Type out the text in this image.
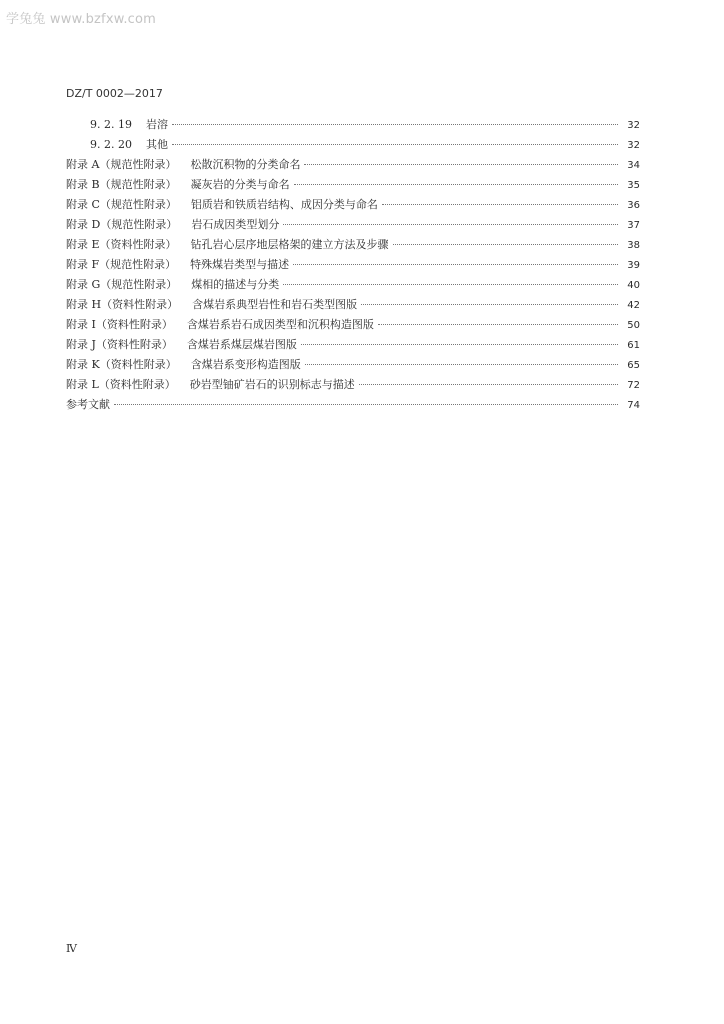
学兔兔 www.bzfxw.com
DZ/T 0002—2017
9. 2. 19 岩溶	32
9. 2. 20 其他	32
附录 A（规范性附录） 松散沉积物的分类命名	34
附录 B（规范性附录） 凝灰岩的分类与命名	35
附录 C（规范性附录） 铝质岩和铁质岩结构、成因分类与命名	36
附录 D（规范性附录） 岩石成因类型划分	37
附录 E（资料性附录） 钻孔岩心层序地层格架的建立方法及步骤	38
附录 F（规范性附录） 特殊煤岩类型与描述	39
附录 G（规范性附录） 煤相的描述与分类	40
附录 H（资料性附录） 含煤岩系典型岩性和岩石类型图版	42
附录 I（资料性附录） 含煤岩系岩石成因类型和沉积构造图版	50
附录 J（资料性附录） 含煤岩系煤层煤岩图版	61
附录 K（资料性附录） 含煤岩系变形构造图版	65
附录 L（资料性附录） 砂岩型铀矿岩石的识别标志与描述	72
参考文献	74
Ⅳ
